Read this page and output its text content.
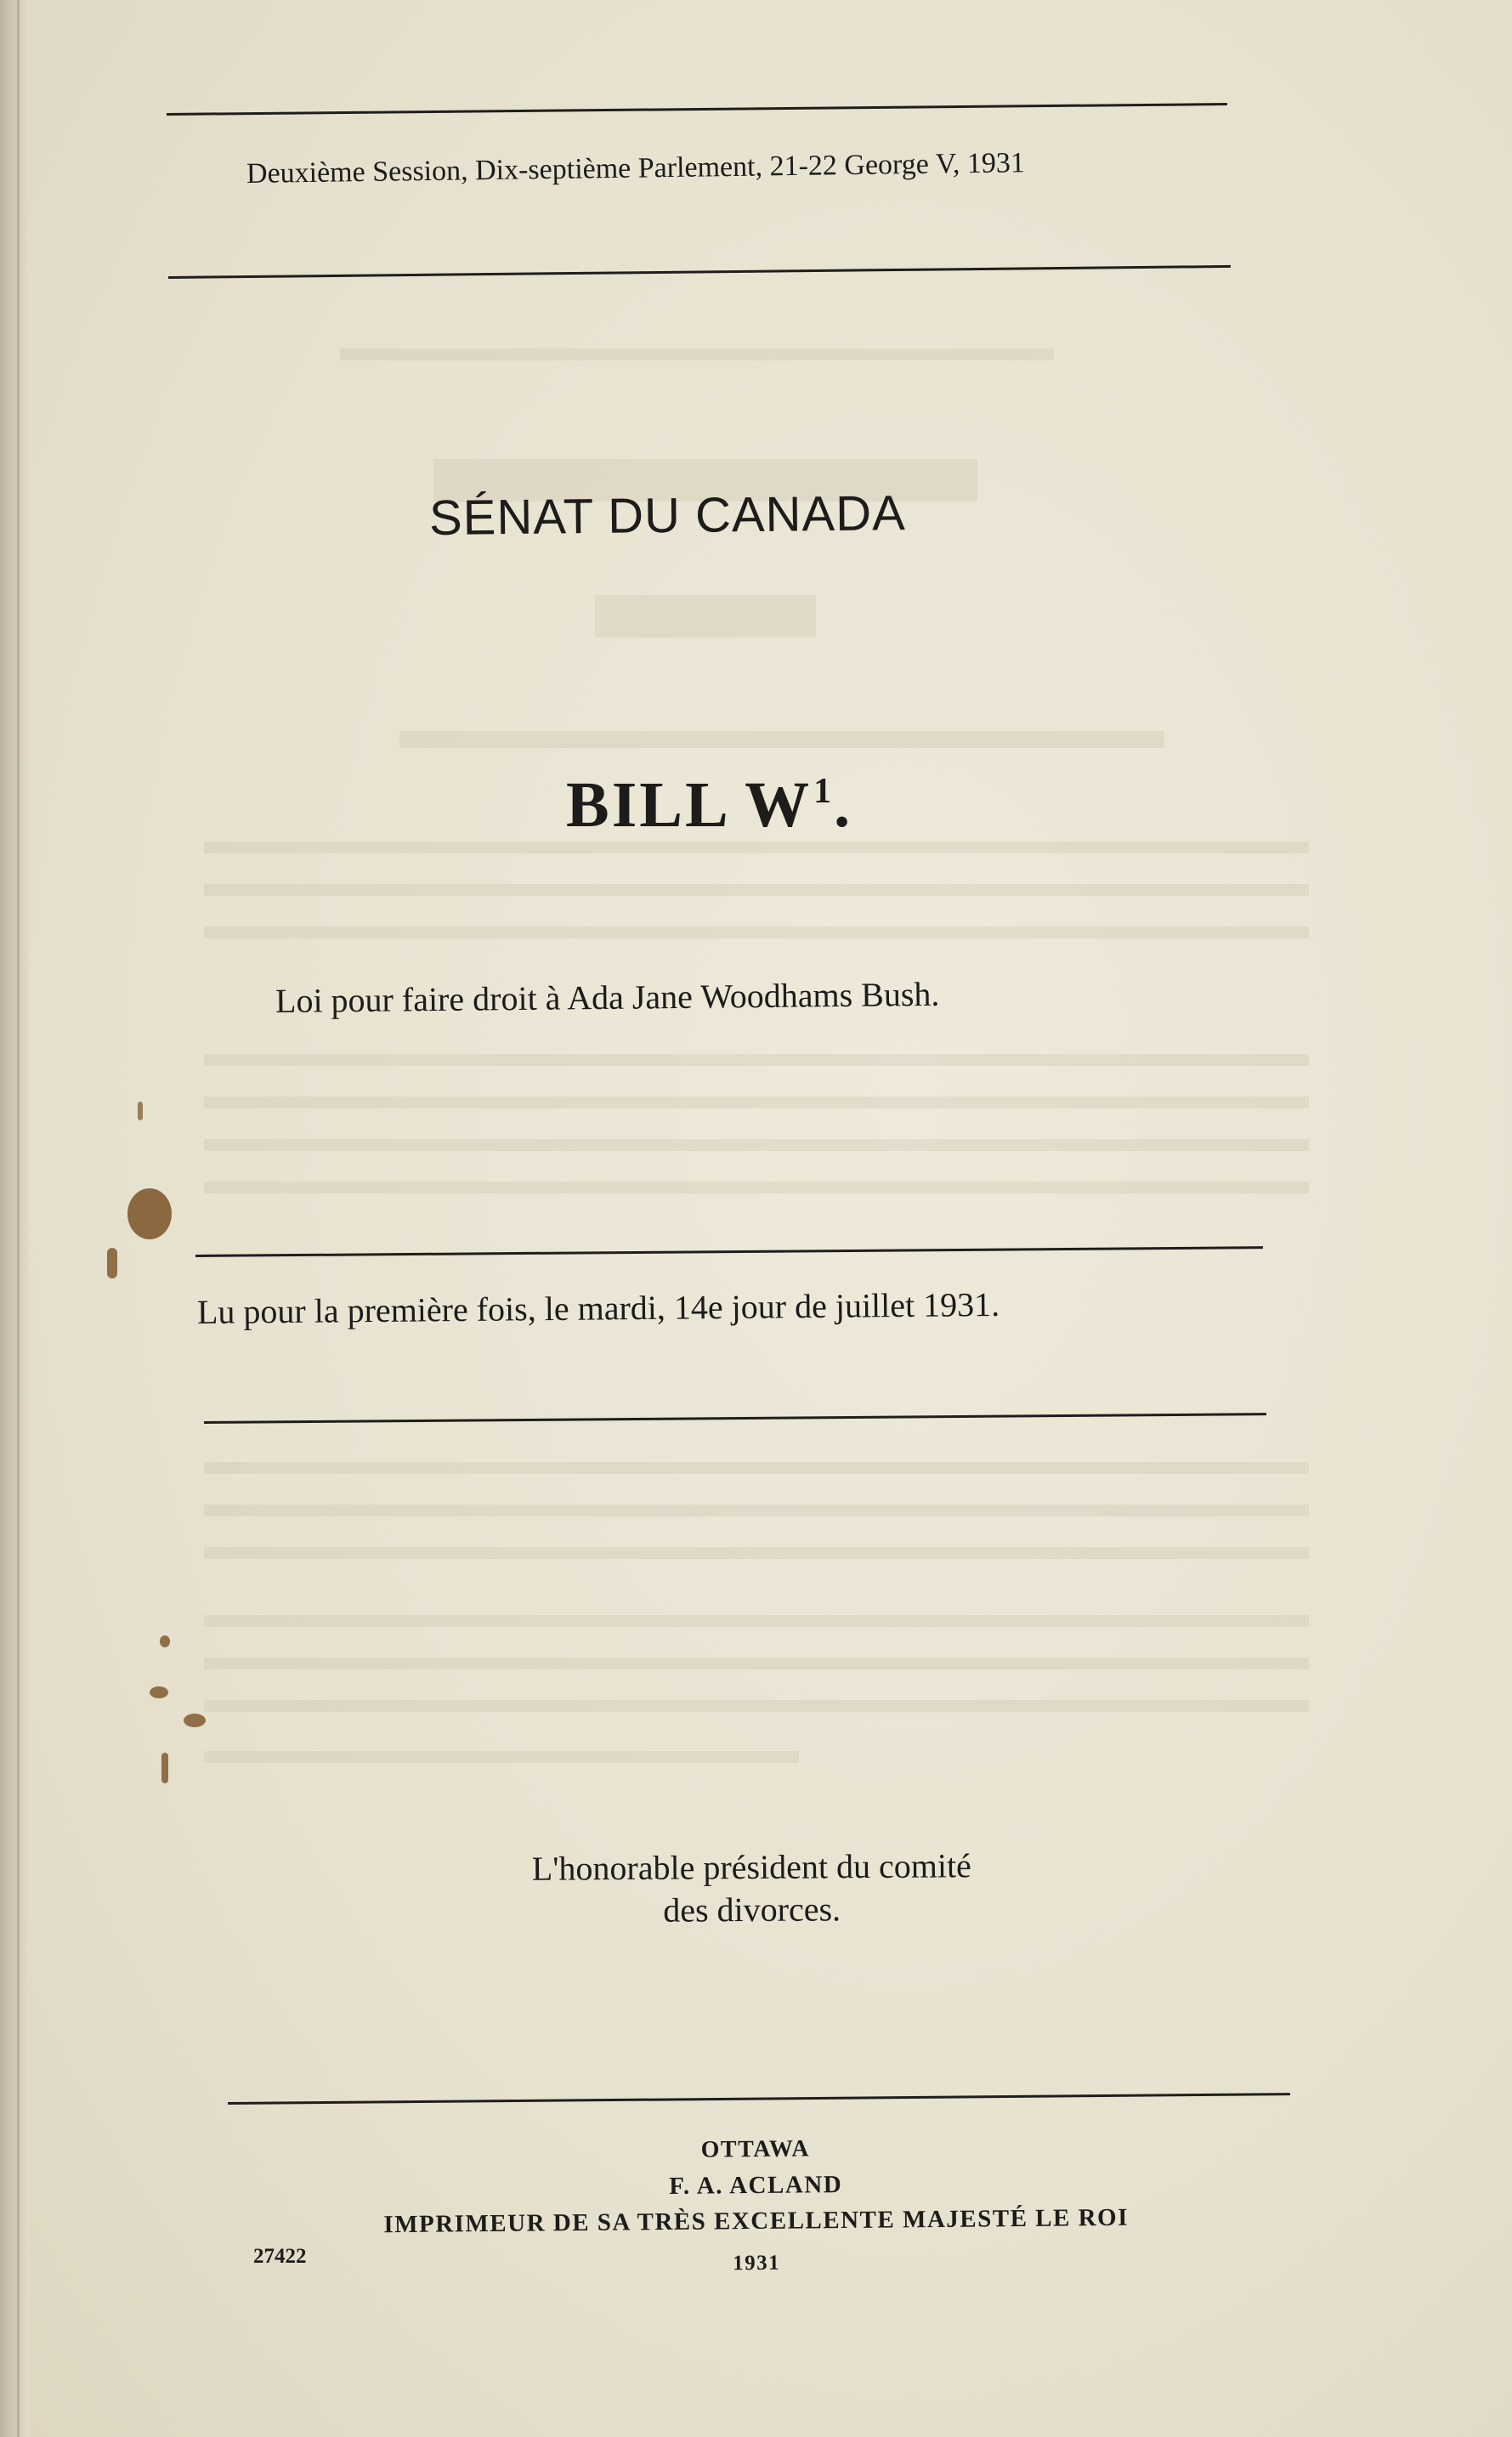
Deuxième Session, Dix-septième Parlement, 21-22 George V, 1931
SÉNAT DU CANADA
BILL $W^1$.
Loi pour faire droit à Ada Jane Woodhams Bush.
Lu pour la première fois, le mardi, 14e jour de juillet 1931.
L'honorable président du comité
des divorces.
OTTAWA
F. A. ACLAND
IMPRIMEUR DE SA TRÈS EXCELLENTE MAJESTÉ LE ROI
1931
27422
